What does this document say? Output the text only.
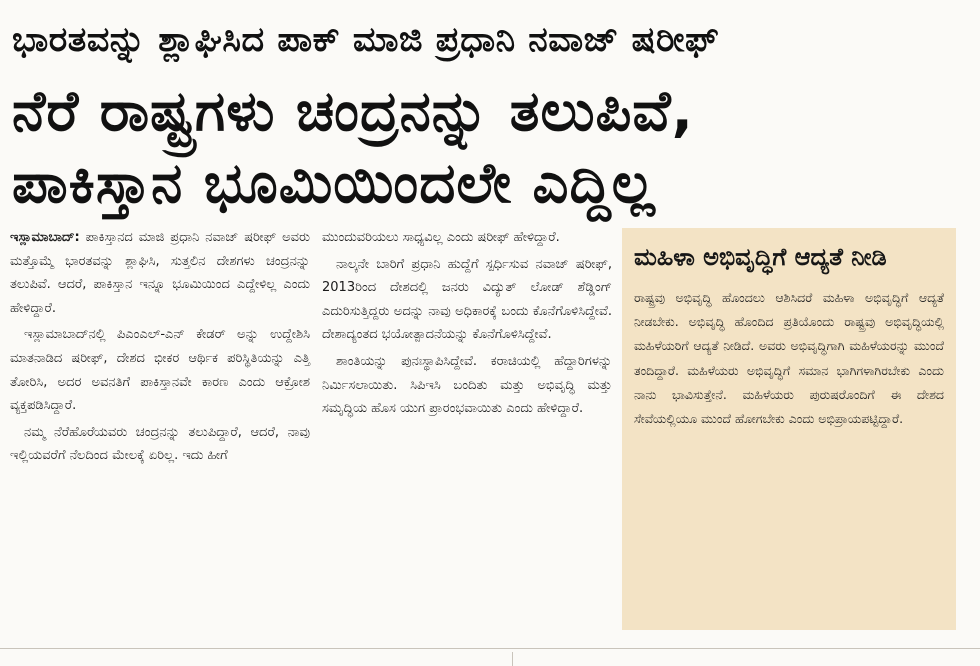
ಭಾರತವನ್ನು ಶ್ಲಾಘಿಸಿದ ಪಾಕ್ ಮಾಜಿ ಪ್ರಧಾನಿ ನವಾಜ್ ಷರೀಫ್
ನೆರೆ ರಾಷ್ಟ್ರಗಳು ಚಂದ್ರನನ್ನು ತಲುಪಿವೆ,
ಪಾಕಿಸ್ತಾನ ಭೂಮಿಯಿಂದಲೇ ಎದ್ದಿಲ್ಲ

ಇಸ್ಲಾಮಾಬಾದ್: ಪಾಕಿಸ್ತಾನದ ಮಾಜಿ ಪ್ರಧಾನಿ ನವಾಜ್ ಷರೀಫ್ ಅವರು ಮತ್ತೊಮ್ಮೆ ಭಾರತವನ್ನು ಶ್ಲಾಘಿಸಿ, ಸುತ್ತಲಿನ ದೇಶಗಳು ಚಂದ್ರನನ್ನು ತಲುಪಿವೆ. ಆದರೆ, ಪಾಕಿಸ್ತಾನ ಇನ್ನೂ ಭೂಮಿಯಿಂದ ಎದ್ದೇಳಿಲ್ಲ ಎಂದು ಹೇಳಿದ್ದಾರೆ.

ಇಸ್ಲಾಮಾಬಾದ್‌ನಲ್ಲಿ ಪಿಎಂಎಲ್-ಎನ್ ಕೇಡರ್ ಅನ್ನು ಉದ್ದೇಶಿಸಿ ಮಾತನಾಡಿದ ಷರೀಫ್, ದೇಶದ ಭೀಕರ ಆರ್ಥಿಕ ಪರಿಸ್ಥಿತಿಯನ್ನು ಎತ್ತಿ ತೋರಿಸಿ, ಅದರ ಅವನತಿಗೆ ಪಾಕಿಸ್ತಾನವೇ ಕಾರಣ ಎಂದು ಆಕ್ರೋಶ ವ್ಯಕ್ತಪಡಿಸಿದ್ದಾರೆ.

ನಮ್ಮ ನೆರೆಹೊರೆಯವರು ಚಂದ್ರನನ್ನು ತಲುಪಿದ್ದಾರೆ, ಆದರೆ, ನಾವು ಇಲ್ಲಿಯವರೆಗೆ ನೆಲದಿಂದ ಮೇಲಕ್ಕೆ ಏರಿಲ್ಲ. ಇದು ಹೀಗೆ

ಮುಂದುವರಿಯಲು ಸಾಧ್ಯವಿಲ್ಲ ಎಂದು ಷರೀಫ್ ಹೇಳಿದ್ದಾರೆ.

ನಾಲ್ಕನೇ ಬಾರಿಗೆ ಪ್ರಧಾನಿ ಹುದ್ದೆಗೆ ಸ್ಪರ್ಧಿಸುವ ನವಾಜ್ ಷರೀಫ್, 2013ರಿಂದ ದೇಶದಲ್ಲಿ ಜನರು ವಿದ್ಯುತ್ ಲೋಡ್ ಶೆಡ್ಡಿಂಗ್ ಎದುರಿಸುತ್ತಿದ್ದರು ಅದನ್ನು ನಾವು ಅಧಿಕಾರಕ್ಕೆ ಬಂದು ಕೊನೆಗೊಳಿಸಿದ್ದೇವೆ. ದೇಶಾದ್ಯಂತದ ಭಯೋತ್ಪಾದನೆಯನ್ನು ಕೊನೆಗೊಳಿಸಿದ್ದೇವೆ.

ಶಾಂತಿಯನ್ನು ಪುನಃಸ್ಥಾಪಿಸಿದ್ದೇವೆ. ಕರಾಚಿಯಲ್ಲಿ ಹೆದ್ದಾರಿಗಳನ್ನು ನಿರ್ಮಿಸಲಾಯಿತು. ಸಿಪಿಇಸಿ ಬಂದಿತು ಮತ್ತು ಅಭಿವೃದ್ಧಿ ಮತ್ತು ಸಮೃದ್ಧಿಯ ಹೊಸ ಯುಗ ಪ್ರಾರಂಭವಾಯಿತು ಎಂದು ಹೇಳಿದ್ದಾರೆ.

ಮಹಿಳಾ ಅಭಿವೃದ್ಧಿಗೆ ಆದ್ಯತೆ ನೀಡಿ
ರಾಷ್ಟ್ರವು ಅಭಿವೃದ್ಧಿ ಹೊಂದಲು ಆಶಿಸಿದರೆ ಮಹಿಳಾ ಅಭಿವೃದ್ಧಿಗೆ ಆದ್ಯತೆ ನೀಡಬೇಕು. ಅಭಿವೃದ್ಧಿ ಹೊಂದಿದ ಪ್ರತಿಯೊಂದು ರಾಷ್ಟ್ರವು ಅಭಿವೃದ್ಧಿಯಲ್ಲಿ ಮಹಿಳೆಯರಿಗೆ ಆದ್ಯತೆ ನೀಡಿದೆ. ಅವರು ಅಭಿವೃದ್ಧಿಗಾಗಿ ಮಹಿಳೆಯರನ್ನು ಮುಂದೆ ತಂದಿದ್ದಾರೆ. ಮಹಿಳೆಯರು ಅಭಿವೃದ್ಧಿಗೆ ಸಮಾನ ಭಾಗಿಗಳಾಗಿರಬೇಕು ಎಂದು ನಾನು ಭಾವಿಸುತ್ತೇನೆ. ಮಹಿಳೆಯರು ಪುರುಷರೊಂದಿಗೆ ಈ ದೇಶದ ಸೇವೆಯಲ್ಲಿಯೂ ಮುಂದೆ ಹೋಗಬೇಕು ಎಂದು ಅಭಿಪ್ರಾಯಪಟ್ಟಿದ್ದಾರೆ.
